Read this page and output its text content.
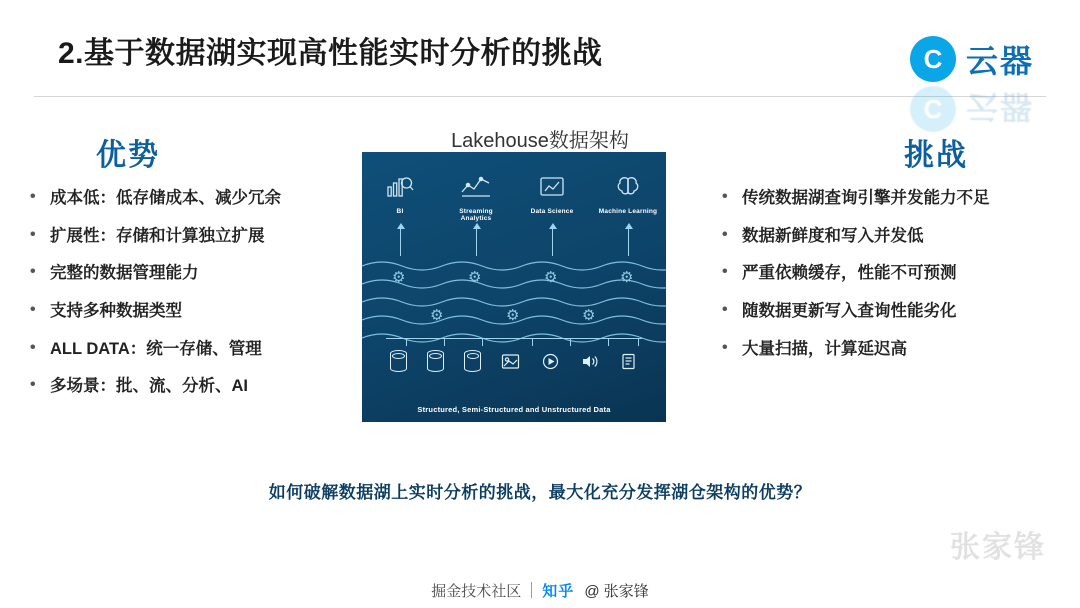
2.基于数据湖实现高性能实时分析的挑战	C 云器
C 云器
优势
• 成本低：低存储成本、减少冗余
• 扩展性：存储和计算独立扩展
• 完整的数据管理能力
• 支持多种数据类型
• ALL DATA：统一存储、管理
• 多场景：批、流、分析、AI
挑战
• 传统数据湖查询引擎并发能力不足
• 数据新鲜度和写入并发低
• 严重依赖缓存，性能不可预测
• 随数据更新写入查询性能劣化
• 大量扫描，计算延迟高
Lakehouse数据架构
BI	Streaming Analytics
Data Science	Machine Learning
⚙	⚙	⚙	⚙
⚙	⚙	⚙
Structured, Semi-Structured and Unstructured Data
如何破解数据湖上实时分析的挑战，最大化充分发挥湖仓架构的优势？
张家锋
掘金技术社区 知乎 @ 张家锋
